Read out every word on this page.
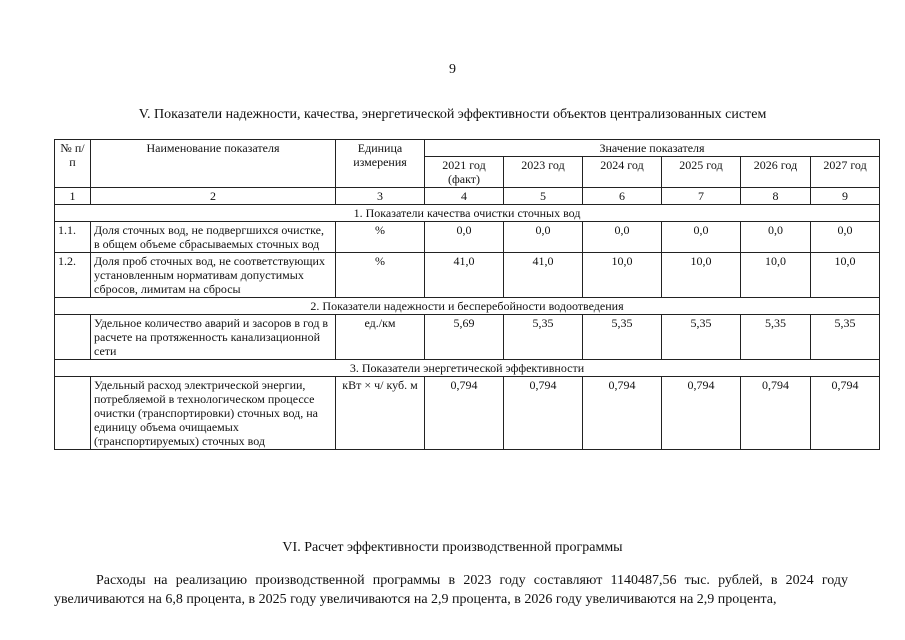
9
V. Показатели надежности, качества, энергетической эффективности объектов централизованных систем
№ п/п	Наименование показателя	Единица измерения	Значение показателя					
			2021 год (факт)	2023 год	2024 год	2025 год	2026 год	2027 год
1	2	3	4	5	6	7	8	9
1. Показатели качества очистки сточных вод								
1.1.	Доля сточных вод, не подвергшихся очистке, в общем объеме сбрасываемых сточных вод	%	0,0	0,0	0,0	0,0	0,0	0,0
1.2.	Доля проб сточных вод, не соответствующих установленным нормативам допустимых сбросов, лимитам на сбросы	%	41,0	41,0	10,0	10,0	10,0	10,0
2. Показатели надежности и бесперебойности водоотведения								
	Удельное количество аварий и засоров в год в расчете на протяженность канализационной сети	ед./км	5,69	5,35	5,35	5,35	5,35	5,35
3. Показатели энергетической эффективности								
	Удельный расход электрической энергии, потребляемой в технологическом процессе очистки (транспортировки) сточных вод, на единицу объема очищаемых (транспортируемых) сточных вод	кВт × ч/ куб. м	0,794	0,794	0,794	0,794	0,794	0,794
VI. Расчет эффективности производственной программы

Расходы на реализацию производственной программы в 2023 году составляют 1140487,56 тыс. рублей, в 2024 году увеличиваются на 6,8 процента, в 2025 году увеличиваются на 2,9 процента, в 2026 году увеличиваются на 2,9 процента,
